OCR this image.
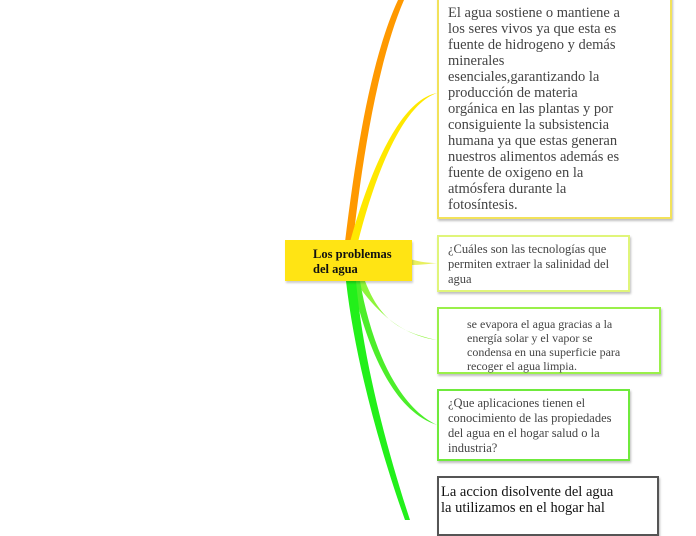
Los problemas
del agua
El agua sostiene o mantiene a
los seres vivos ya que esta es
fuente de hidrogeno y demás
minerales
esenciales,garantizando la
producción de materia
orgánica en las plantas y por
consiguiente la subsistencia
humana ya que estas generan
nuestros alimentos además es
fuente de oxigeno en la
atmósfera durante la
fotosíntesis.
¿Cuáles son las tecnologías que
permiten extraer la salinidad del
agua
se evapora el agua gracias a la
energía solar y el vapor se
condensa en una superficie para
recoger el agua limpia.
¿Que aplicaciones tienen el
conocimiento de las propiedades
del agua en el hogar salud o la
industria?
La accion disolvente del agua
la utilizamos en el hogar hal
